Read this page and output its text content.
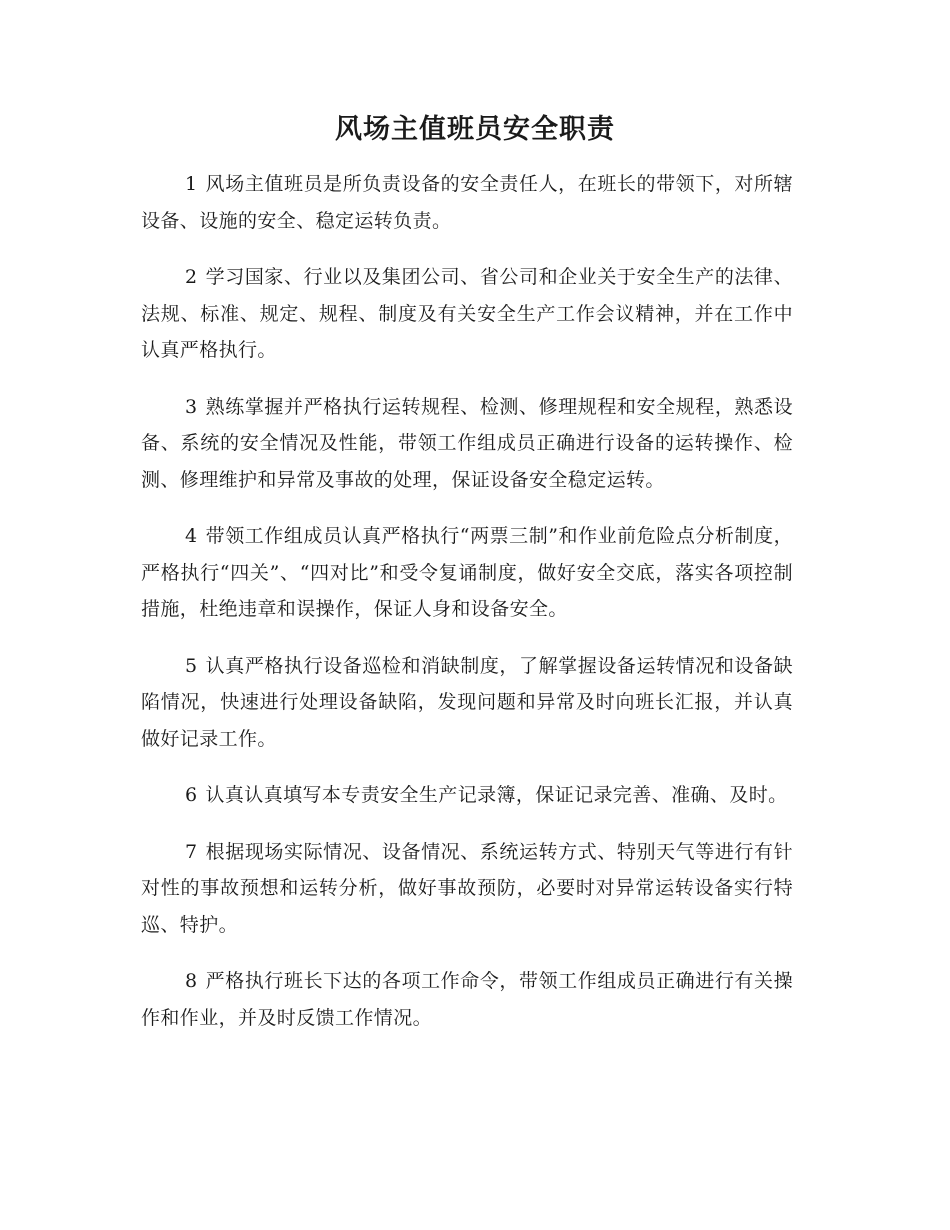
风场主值班员安全职责

1 风场主值班员是所负责设备的安全责任人，在班长的带领下，对所辖设备、设施的安全、稳定运转负责。

2 学习国家、行业以及集团公司、省公司和企业关于安全生产的法律、法规、标准、规定、规程、制度及有关安全生产工作会议精神，并在工作中认真严格执行。

3 熟练掌握并严格执行运转规程、检测、修理规程和安全规程，熟悉设备、系统的安全情况及性能，带领工作组成员正确进行设备的运转操作、检测、修理维护和异常及事故的处理，保证设备安全稳定运转。

4 带领工作组成员认真严格执行“两票三制”和作业前危险点分析制度，严格执行“四关”、“四对比”和受令复诵制度，做好安全交底，落实各项控制措施，杜绝违章和误操作，保证人身和设备安全。

5 认真严格执行设备巡检和消缺制度，了解掌握设备运转情况和设备缺陷情况，快速进行处理设备缺陷，发现问题和异常及时向班长汇报，并认真做好记录工作。

6 认真认真填写本专责安全生产记录簿，保证记录完善、准确、及时。

7 根据现场实际情况、设备情况、系统运转方式、特别天气等进行有针对性的事故预想和运转分析，做好事故预防，必要时对异常运转设备实行特巡、特护。

8 严格执行班长下达的各项工作命令，带领工作组成员正确进行有关操作和作业，并及时反馈工作情况。
